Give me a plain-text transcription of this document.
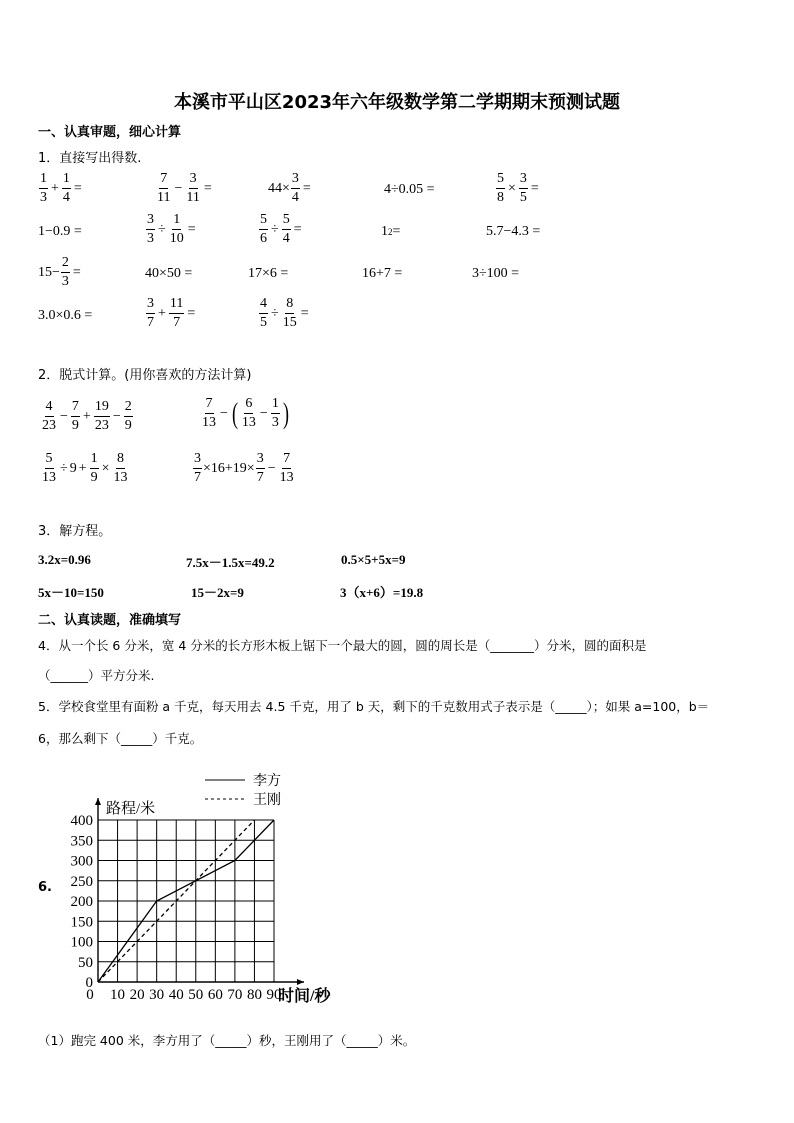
本溪市平山区2023年六年级数学第二学期期末预测试题
一、认真审题，细心计算
1．直接写出得数.
$\frac{1}{3} + \frac{1}{4}$ =	$\frac{7}{11} - \frac{3}{11}$ =	$44\times \frac{3}{4}$ =	4÷0.05 =	$\frac{5}{8} \times \frac{3}{5}$ =
1−0.9 =	$\frac{3}{3} \div \frac{1}{10}$ =	$\frac{5}{6} \div \frac{5}{4}$ =	1 2 =	5.7−4.3 =
$15- \frac{2}{3}$ =	40×50 =	17×6 =	16+7 =	3÷100 =
3.0×0.6 =	$\frac{3}{7} + \frac{11}{7}$ =	$\frac{4}{5} \div \frac{8}{15}$ =
2．脱式计算。(用你喜欢的方法计算)
$\frac{4}{23} - \frac{7}{9} + \frac{19}{23} - \frac{2}{9}$	$\frac{7}{13}$ − ( $\frac{6}{13} - \frac{1}{3}$ )
$\frac{5}{13} \div 9 + \frac{1}{9} \times \frac{8}{13}$	$\frac{3}{7} \times 16+19\times \frac{3}{7} - \frac{7}{13}$
3．解方程。
3.2x=0.96	7.5x－1.5x=49.2	0.5×5+5x=9
5x－10=150	15－2x=9	3（x+6）=19.8
二、认真读题，准确填写
4．从一个长 6 分米，宽 4 分米的长方形木板上锯下一个最大的圆，圆的周长是（_______）分米，圆的面积是
（______）平方分米.
5．学校食堂里有面粉 a 千克，每天用去 4.5 千克，用了 b 天，剩下的千克数用式子表示是（_____）；如果 a=100，b＝
6，那么剩下（_____）千克。
6.
0
50
100
150
200
250
300
350
400
10 20 30 40 50 60 70 80 90
时间/秒
路程/米
李方
王刚
0
（1）跑完 400 米，李方用了（_____）秒，王刚用了（_____）米。
